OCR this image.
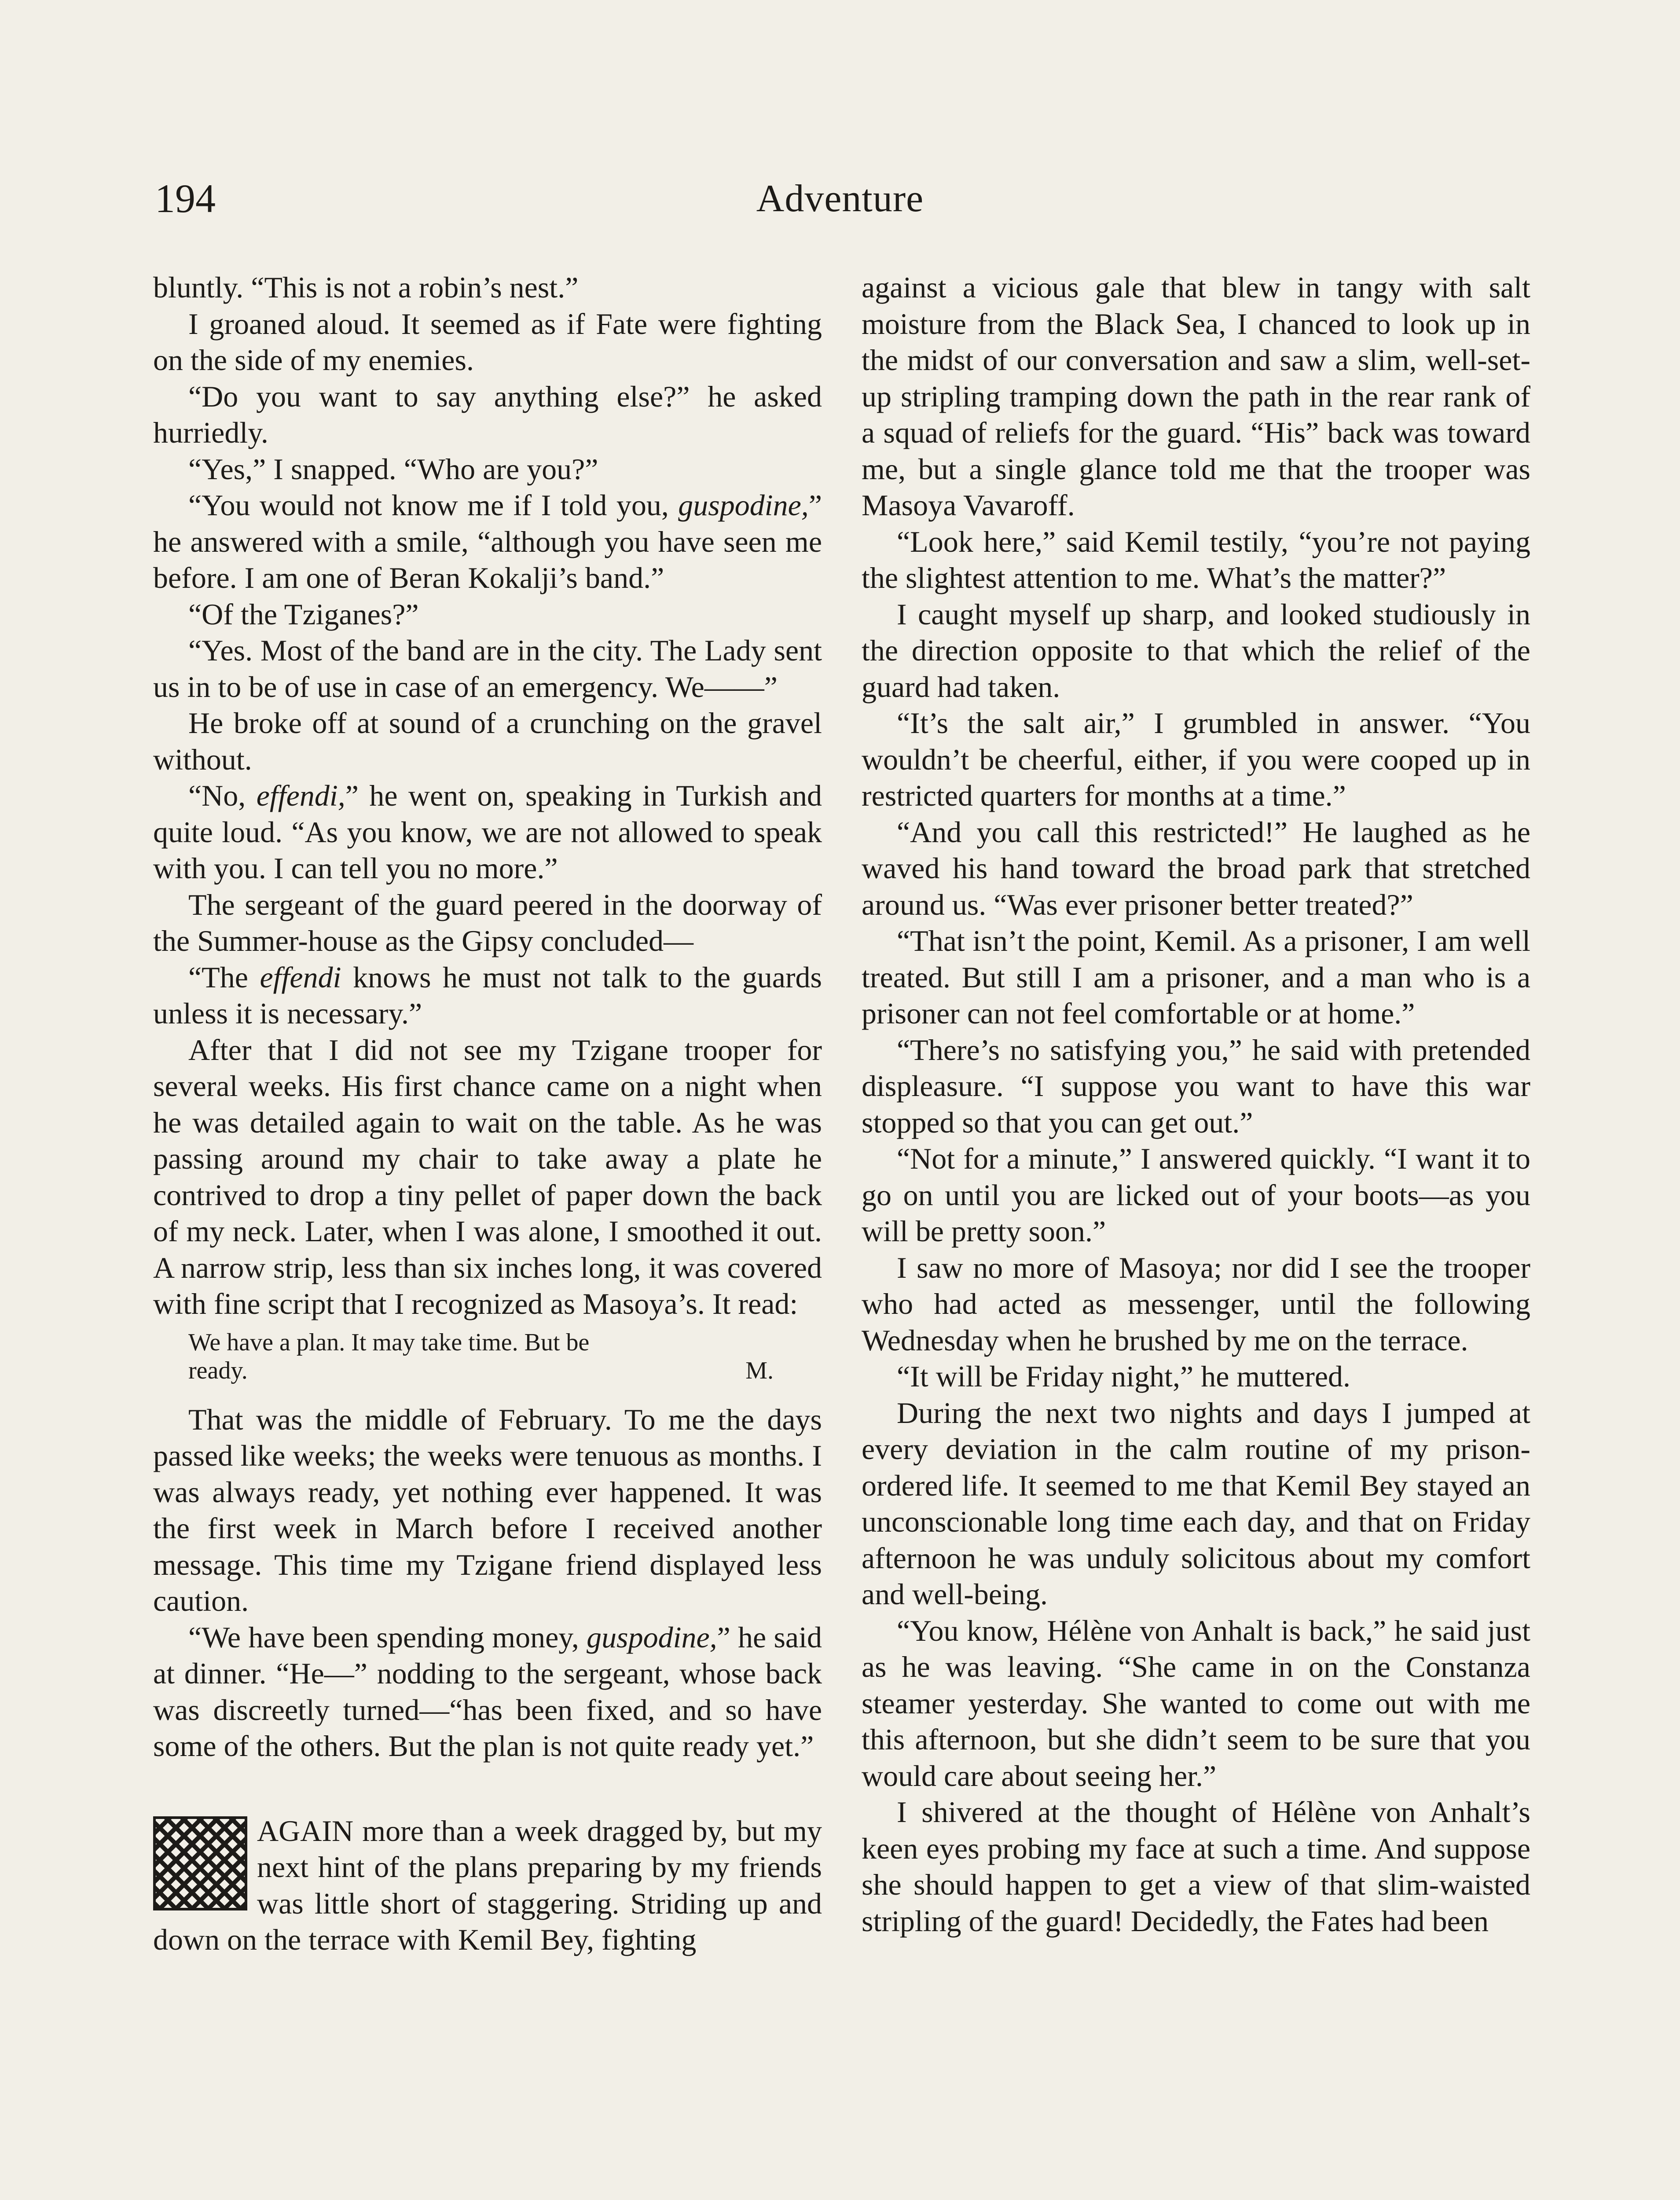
194	Adventure

bluntly. “This is not a robin’s nest.”

I groaned aloud. It seemed as if Fate were fighting on the side of my enemies.

“Do you want to say anything else?” he asked hurriedly.

“Yes,” I snapped. “Who are you?”

“You would not know me if I told you, guspodine,” he answered with a smile, “although you have seen me before. I am one of Beran Kokalji’s band.”

“Of the Tziganes?”

“Yes. Most of the band are in the city. The Lady sent us in to be of use in case of an emergency. We——”

He broke off at sound of a crunching on the gravel without.

“No, effendi,” he went on, speaking in Turkish and quite loud. “As you know, we are not allowed to speak with you. I can tell you no more.”

The sergeant of the guard peered in the doorway of the Summer-house as the Gipsy concluded—

“The effendi knows he must not talk to the guards unless it is necessary.”

After that I did not see my Tzigane trooper for several weeks. His first chance came on a night when he was detailed again to wait on the table. As he was passing around my chair to take away a plate he contrived to drop a tiny pellet of paper down the back of my neck. Later, when I was alone, I smoothed it out. A narrow strip, less than six inches long, it was covered with fine script that I recognized as Masoya’s. It read:

We have a plan. It may take time. But be
ready.	M.

That was the middle of February. To me the days passed like weeks; the weeks were tenuous as months. I was always ready, yet nothing ever happened. It was the first week in March before I received another message. This time my Tzigane friend displayed less caution.

“We have been spending money, guspodine,” he said at dinner. “He—” nodding to the sergeant, whose back was discreetly turned—“has been fixed, and so have some of the others. But the plan is not quite ready yet.”

AGAIN more than a week dragged by, but my next hint of the plans preparing by my friends was little short of staggering. Striding up and down on the terrace with Kemil Bey, fighting

against a vicious gale that blew in tangy with salt moisture from the Black Sea, I chanced to look up in the midst of our conversation and saw a slim, well-set-up stripling tramping down the path in the rear rank of a squad of reliefs for the guard. “His” back was toward me, but a single glance told me that the trooper was Masoya Vavaroff.

“Look here,” said Kemil testily, “you’re not paying the slightest attention to me. What’s the matter?”

I caught myself up sharp, and looked studiously in the direction opposite to that which the relief of the guard had taken.

“It’s the salt air,” I grumbled in answer. “You wouldn’t be cheerful, either, if you were cooped up in restricted quarters for months at a time.”

“And you call this restricted!” He laughed as he waved his hand toward the broad park that stretched around us. “Was ever prisoner better treated?”

“That isn’t the point, Kemil. As a prisoner, I am well treated. But still I am a prisoner, and a man who is a prisoner can not feel comfortable or at home.”

“There’s no satisfying you,” he said with pretended displeasure. “I suppose you want to have this war stopped so that you can get out.”

“Not for a minute,” I answered quickly. “I want it to go on until you are licked out of your boots—as you will be pretty soon.”

I saw no more of Masoya; nor did I see the trooper who had acted as messenger, until the following Wednesday when he brushed by me on the terrace.

“It will be Friday night,” he muttered.

During the next two nights and days I jumped at every deviation in the calm routine of my prison-ordered life. It seemed to me that Kemil Bey stayed an unconscionable long time each day, and that on Friday afternoon he was unduly solicitous about my comfort and well-being.

“You know, Hélène von Anhalt is back,” he said just as he was leaving. “She came in on the Constanza steamer yesterday. She wanted to come out with me this afternoon, but she didn’t seem to be sure that you would care about seeing her.”

I shivered at the thought of Hélène von Anhalt’s keen eyes probing my face at such a time. And suppose she should happen to get a view of that slim-waisted stripling of the guard! Decidedly, the Fates had been
